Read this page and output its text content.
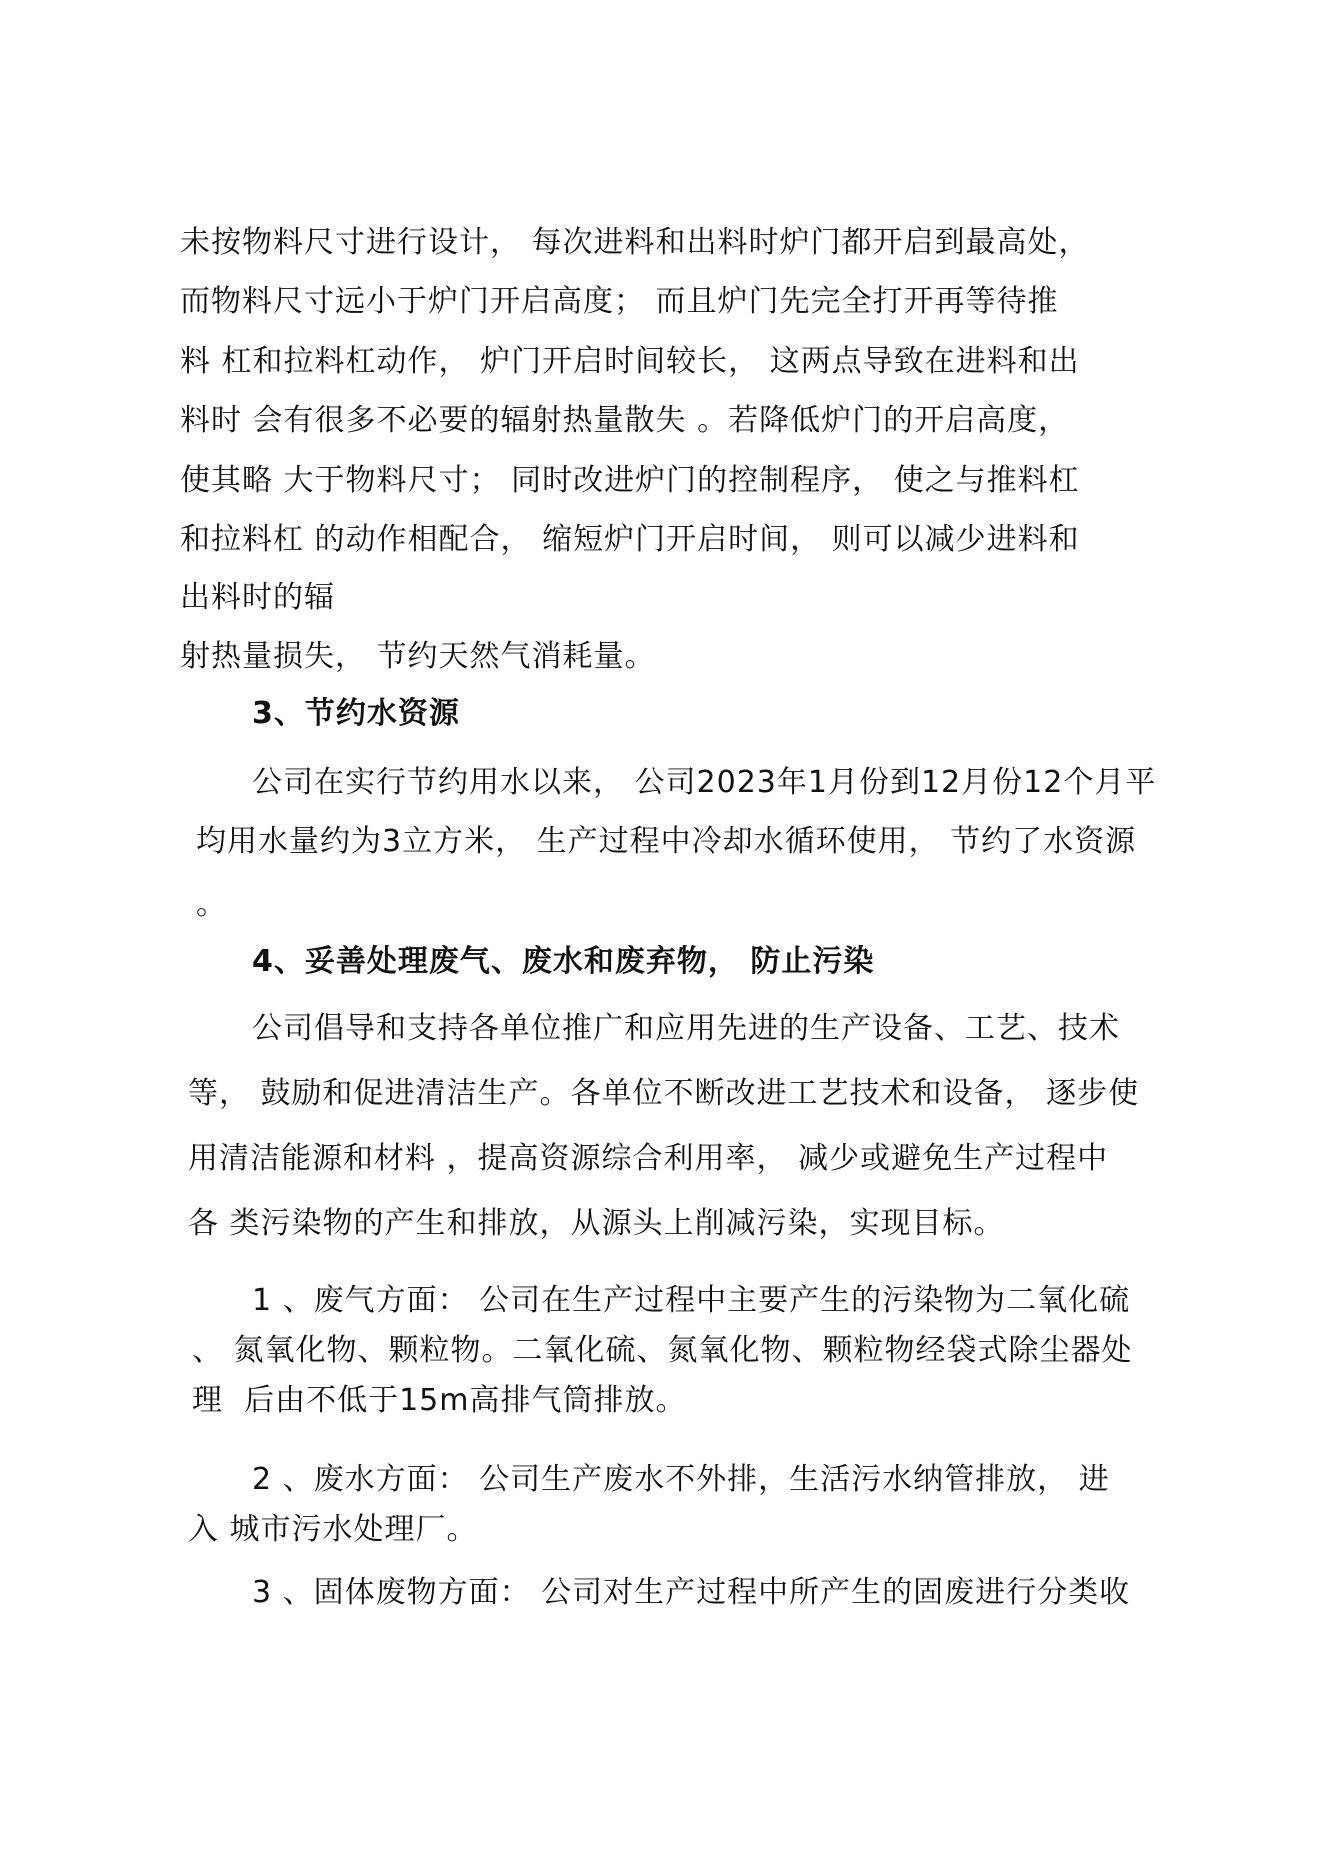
未按物料尺寸进行设计， 每次进料和出料时炉门都开启到最高处，
而物料尺寸远小于炉门开启高度； 而且炉门先完全打开再等待推
料 杠和拉料杠动作， 炉门开启时间较长， 这两点导致在进料和出
料时 会有很多不必要的辐射热量散失 。若降低炉门的开启高度，
使其略 大于物料尺寸； 同时改进炉门的控制程序， 使之与推料杠
和拉料杠 的动作相配合， 缩短炉门开启时间， 则可以减少进料和
出料时的辐
射热量损失， 节约天然气消耗量。
3、节约水资源
公司在实行节约用水以来， 公司2023年1月份到12月份12个月平
均用水量约为3立方米， 生产过程中冷却水循环使用， 节约了水资源
。
4、妥善处理废气、废水和废弃物， 防止污染
公司倡导和支持各单位推广和应用先进的生产设备、工艺、技术
等， 鼓励和促进清洁生产。各单位不断改进工艺技术和设备， 逐步使
用清洁能源和材料 ，提高资源综合利用率， 减少或避免生产过程中
各 类污染物的产生和排放，从源头上削减污染，实现目标。
1 、废气方面： 公司在生产过程中主要产生的污染物为二氧化硫
、 氮氧化物、颗粒物。二氧化硫、氮氧化物、颗粒物经袋式除尘器处
理  后由不低于15m高排气筒排放。
2 、废水方面： 公司生产废水不外排，生活污水纳管排放， 进
入 城市污水处理厂。
3 、固体废物方面： 公司对生产过程中所产生的固废进行分类收
